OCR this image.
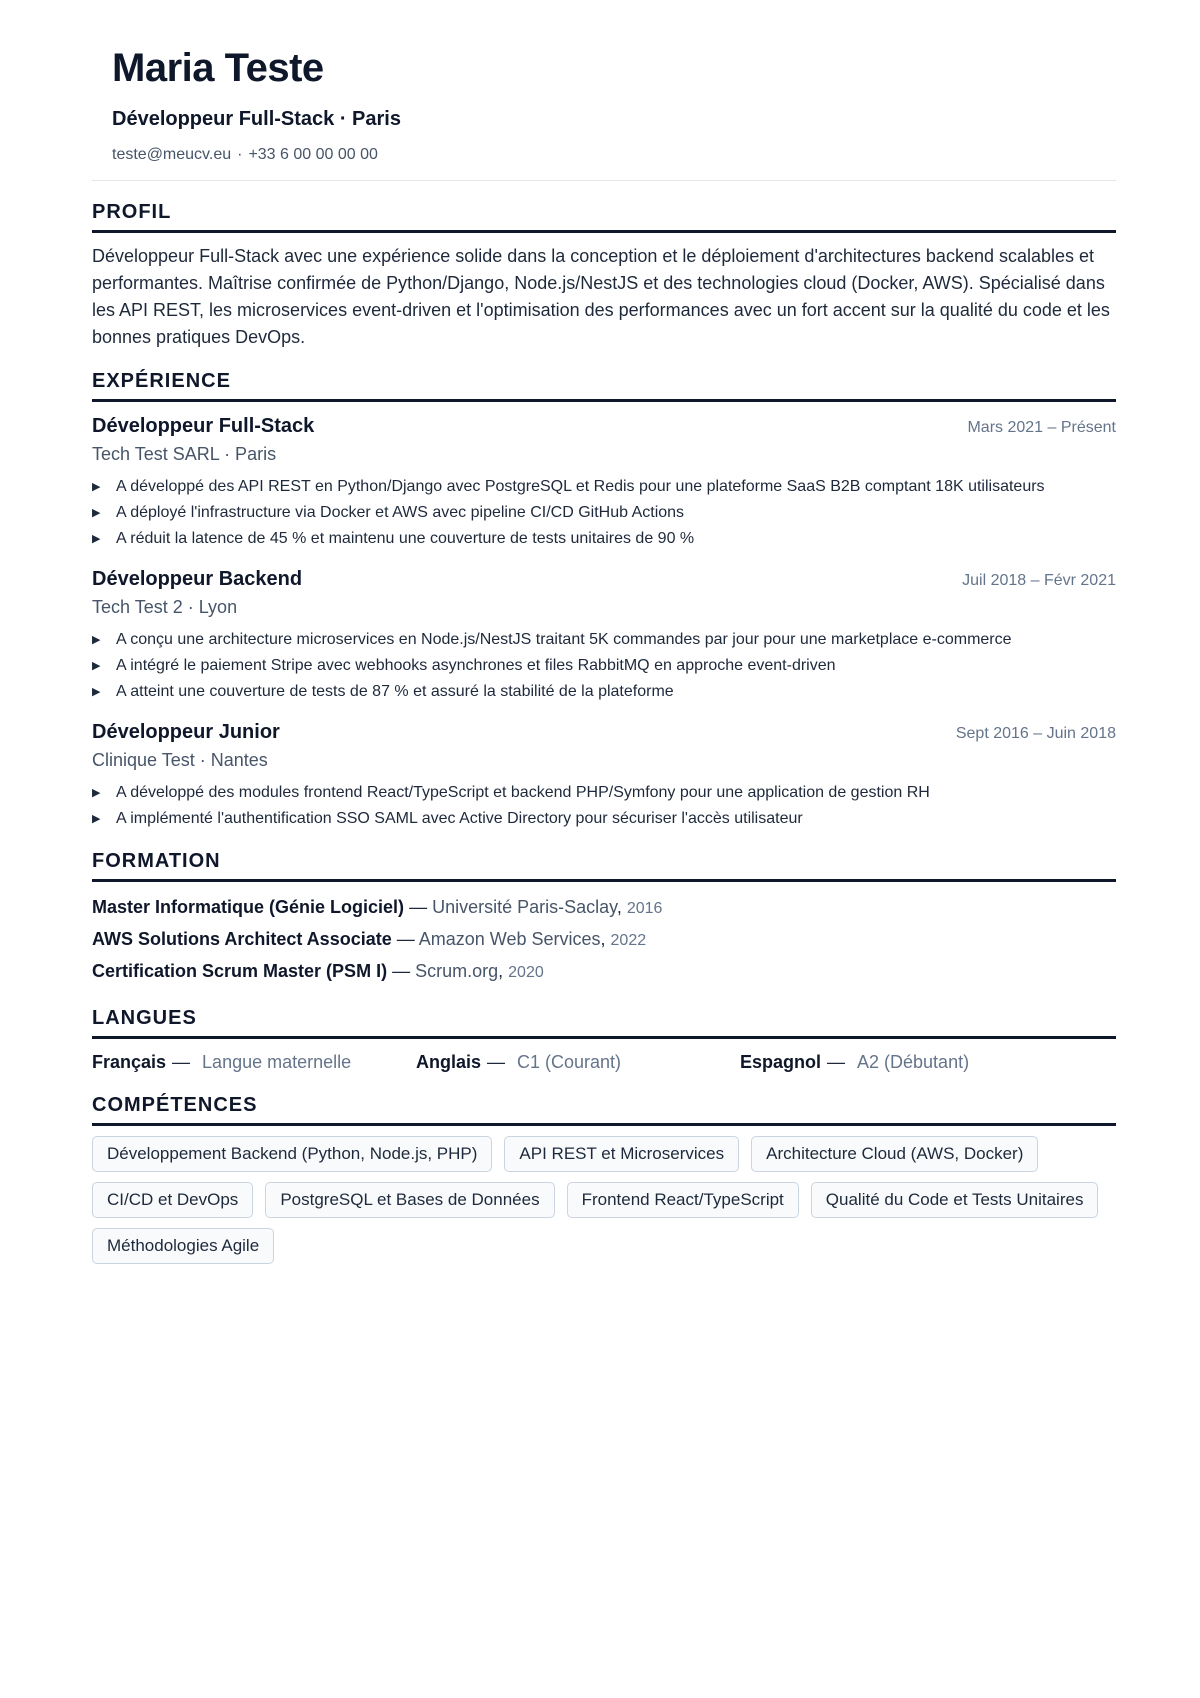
Maria Teste
Développeur Full-Stack · Paris
teste@meucv.eu · +33 6 00 00 00 00
PROFIL
Développeur Full-Stack avec une expérience solide dans la conception et le déploiement d'architectures backend scalables et performantes. Maîtrise confirmée de Python/Django, Node.js/NestJS et des technologies cloud (Docker, AWS). Spécialisé dans les API REST, les microservices event-driven et l'optimisation des performances avec un fort accent sur la qualité du code et les bonnes pratiques DevOps.
EXPÉRIENCE
Développeur Full-Stack	Mars 2021 – Présent
Tech Test SARL · Paris
▶ A développé des API REST en Python/Django avec PostgreSQL et Redis pour une plateforme SaaS B2B comptant 18K utilisateurs
▶ A déployé l'infrastructure via Docker et AWS avec pipeline CI/CD GitHub Actions
▶ A réduit la latence de 45 % et maintenu une couverture de tests unitaires de 90 %
Développeur Backend	Juil 2018 – Févr 2021
Tech Test 2 · Lyon
▶ A conçu une architecture microservices en Node.js/NestJS traitant 5K commandes par jour pour une marketplace e-commerce
▶ A intégré le paiement Stripe avec webhooks asynchrones et files RabbitMQ en approche event-driven
▶ A atteint une couverture de tests de 87 % et assuré la stabilité de la plateforme
Développeur Junior	Sept 2016 – Juin 2018
Clinique Test · Nantes
▶ A développé des modules frontend React/TypeScript et backend PHP/Symfony pour une application de gestion RH
▶ A implémenté l'authentification SSO SAML avec Active Directory pour sécuriser l'accès utilisateur
FORMATION
Master Informatique (Génie Logiciel) — Université Paris-Saclay, 2016
AWS Solutions Architect Associate — Amazon Web Services, 2022
Certification Scrum Master (PSM I) — Scrum.org, 2020
LANGUES
Français — Langue maternelle	Anglais — C1 (Courant)	Espagnol — A2 (Débutant)
COMPÉTENCES
Développement Backend (Python, Node.js, PHP)	API REST et Microservices	Architecture Cloud (AWS, Docker)
CI/CD et DevOps	PostgreSQL et Bases de Données	Frontend React/TypeScript	Qualité du Code et Tests Unitaires
Méthodologies Agile
